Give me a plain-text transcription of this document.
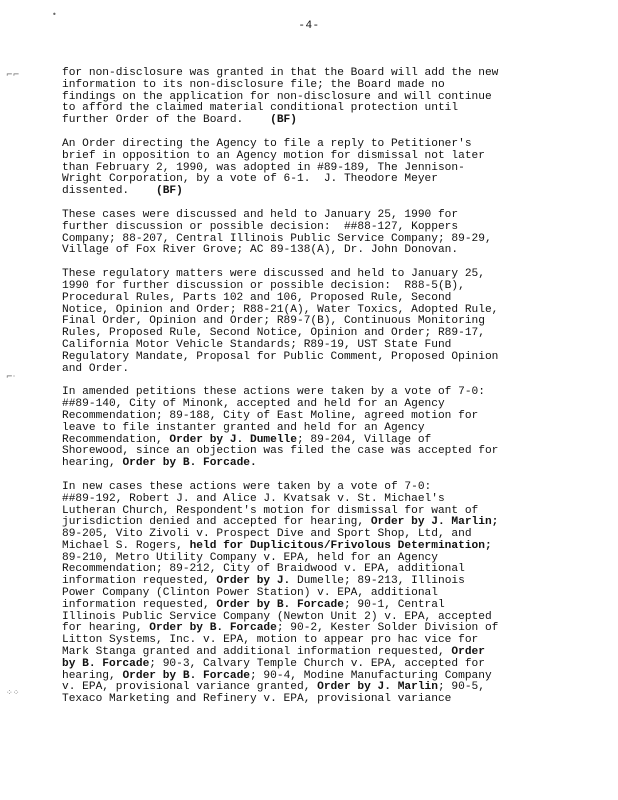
-4-
•
⌐⌐
⌐·
⁘⁘
for non-disclosure was granted in that the Board will add the new
information to its non-disclosure file; the Board made no
findings on the application for non-disclosure and will continue
to afford the claimed material conditional protection until
further Order of the Board.    (BF)
An Order directing the Agency to file a reply to Petitioner's
brief in opposition to an Agency motion for dismissal not later
than February 2, 1990, was adopted in #89-189, The Jennison-
Wright Corporation, by a vote of 6-1.  J. Theodore Meyer
dissented.    (BF)
These cases were discussed and held to January 25, 1990 for
further discussion or possible decision:  ##88-127, Koppers
Company; 88-207, Central Illinois Public Service Company; 89-29,
Village of Fox River Grove; AC 89-138(A), Dr. John Donovan.
These regulatory matters were discussed and held to January 25,
1990 for further discussion or possible decision:  R88-5(B),
Procedural Rules, Parts 102 and 106, Proposed Rule, Second
Notice, Opinion and Order; R88-21(A), Water Toxics, Adopted Rule,
Final Order, Opinion and Order; R89-7(B), Continuous Monitoring
Rules, Proposed Rule, Second Notice, Opinion and Order; R89-17,
California Motor Vehicle Standards; R89-19, UST State Fund
Regulatory Mandate, Proposal for Public Comment, Proposed Opinion
and Order.
In amended petitions these actions were taken by a vote of 7-0:
##89-140, City of Minonk, accepted and held for an Agency
Recommendation; 89-188, City of East Moline, agreed motion for
leave to file instanter granted and held for an Agency
Recommendation, Order by J. Dumelle; 89-204, Village of
Shorewood, since an objection was filed the case was accepted for
hearing, Order by B. Forcade.
In new cases these actions were taken by a vote of 7-0:
##89-192, Robert J. and Alice J. Kvatsak v. St. Michael's
Lutheran Church, Respondent's motion for dismissal for want of
jurisdiction denied and accepted for hearing, Order by J. Marlin;
89-205, Vito Zivoli v. Prospect Dive and Sport Shop, Ltd, and
Michael S. Rogers, held for Duplicitous/Frivolous Determination;
89-210, Metro Utility Company v. EPA, held for an Agency
Recommendation; 89-212, City of Braidwood v. EPA, additional
information requested, Order by J. Dumelle; 89-213, Illinois
Power Company (Clinton Power Station) v. EPA, additional
information requested, Order by B. Forcade; 90-1, Central
Illinois Public Service Company (Newton Unit 2) v. EPA, accepted
for hearing, Order by B. Forcade; 90-2, Kester Solder Division of
Litton Systems, Inc. v. EPA, motion to appear pro hac vice for
Mark Stanga granted and additional information requested, Order
by B. Forcade; 90-3, Calvary Temple Church v. EPA, accepted for
hearing, Order by B. Forcade; 90-4, Modine Manufacturing Company
v. EPA, provisional variance granted, Order by J. Marlin; 90-5,
Texaco Marketing and Refinery v. EPA, provisional variance
